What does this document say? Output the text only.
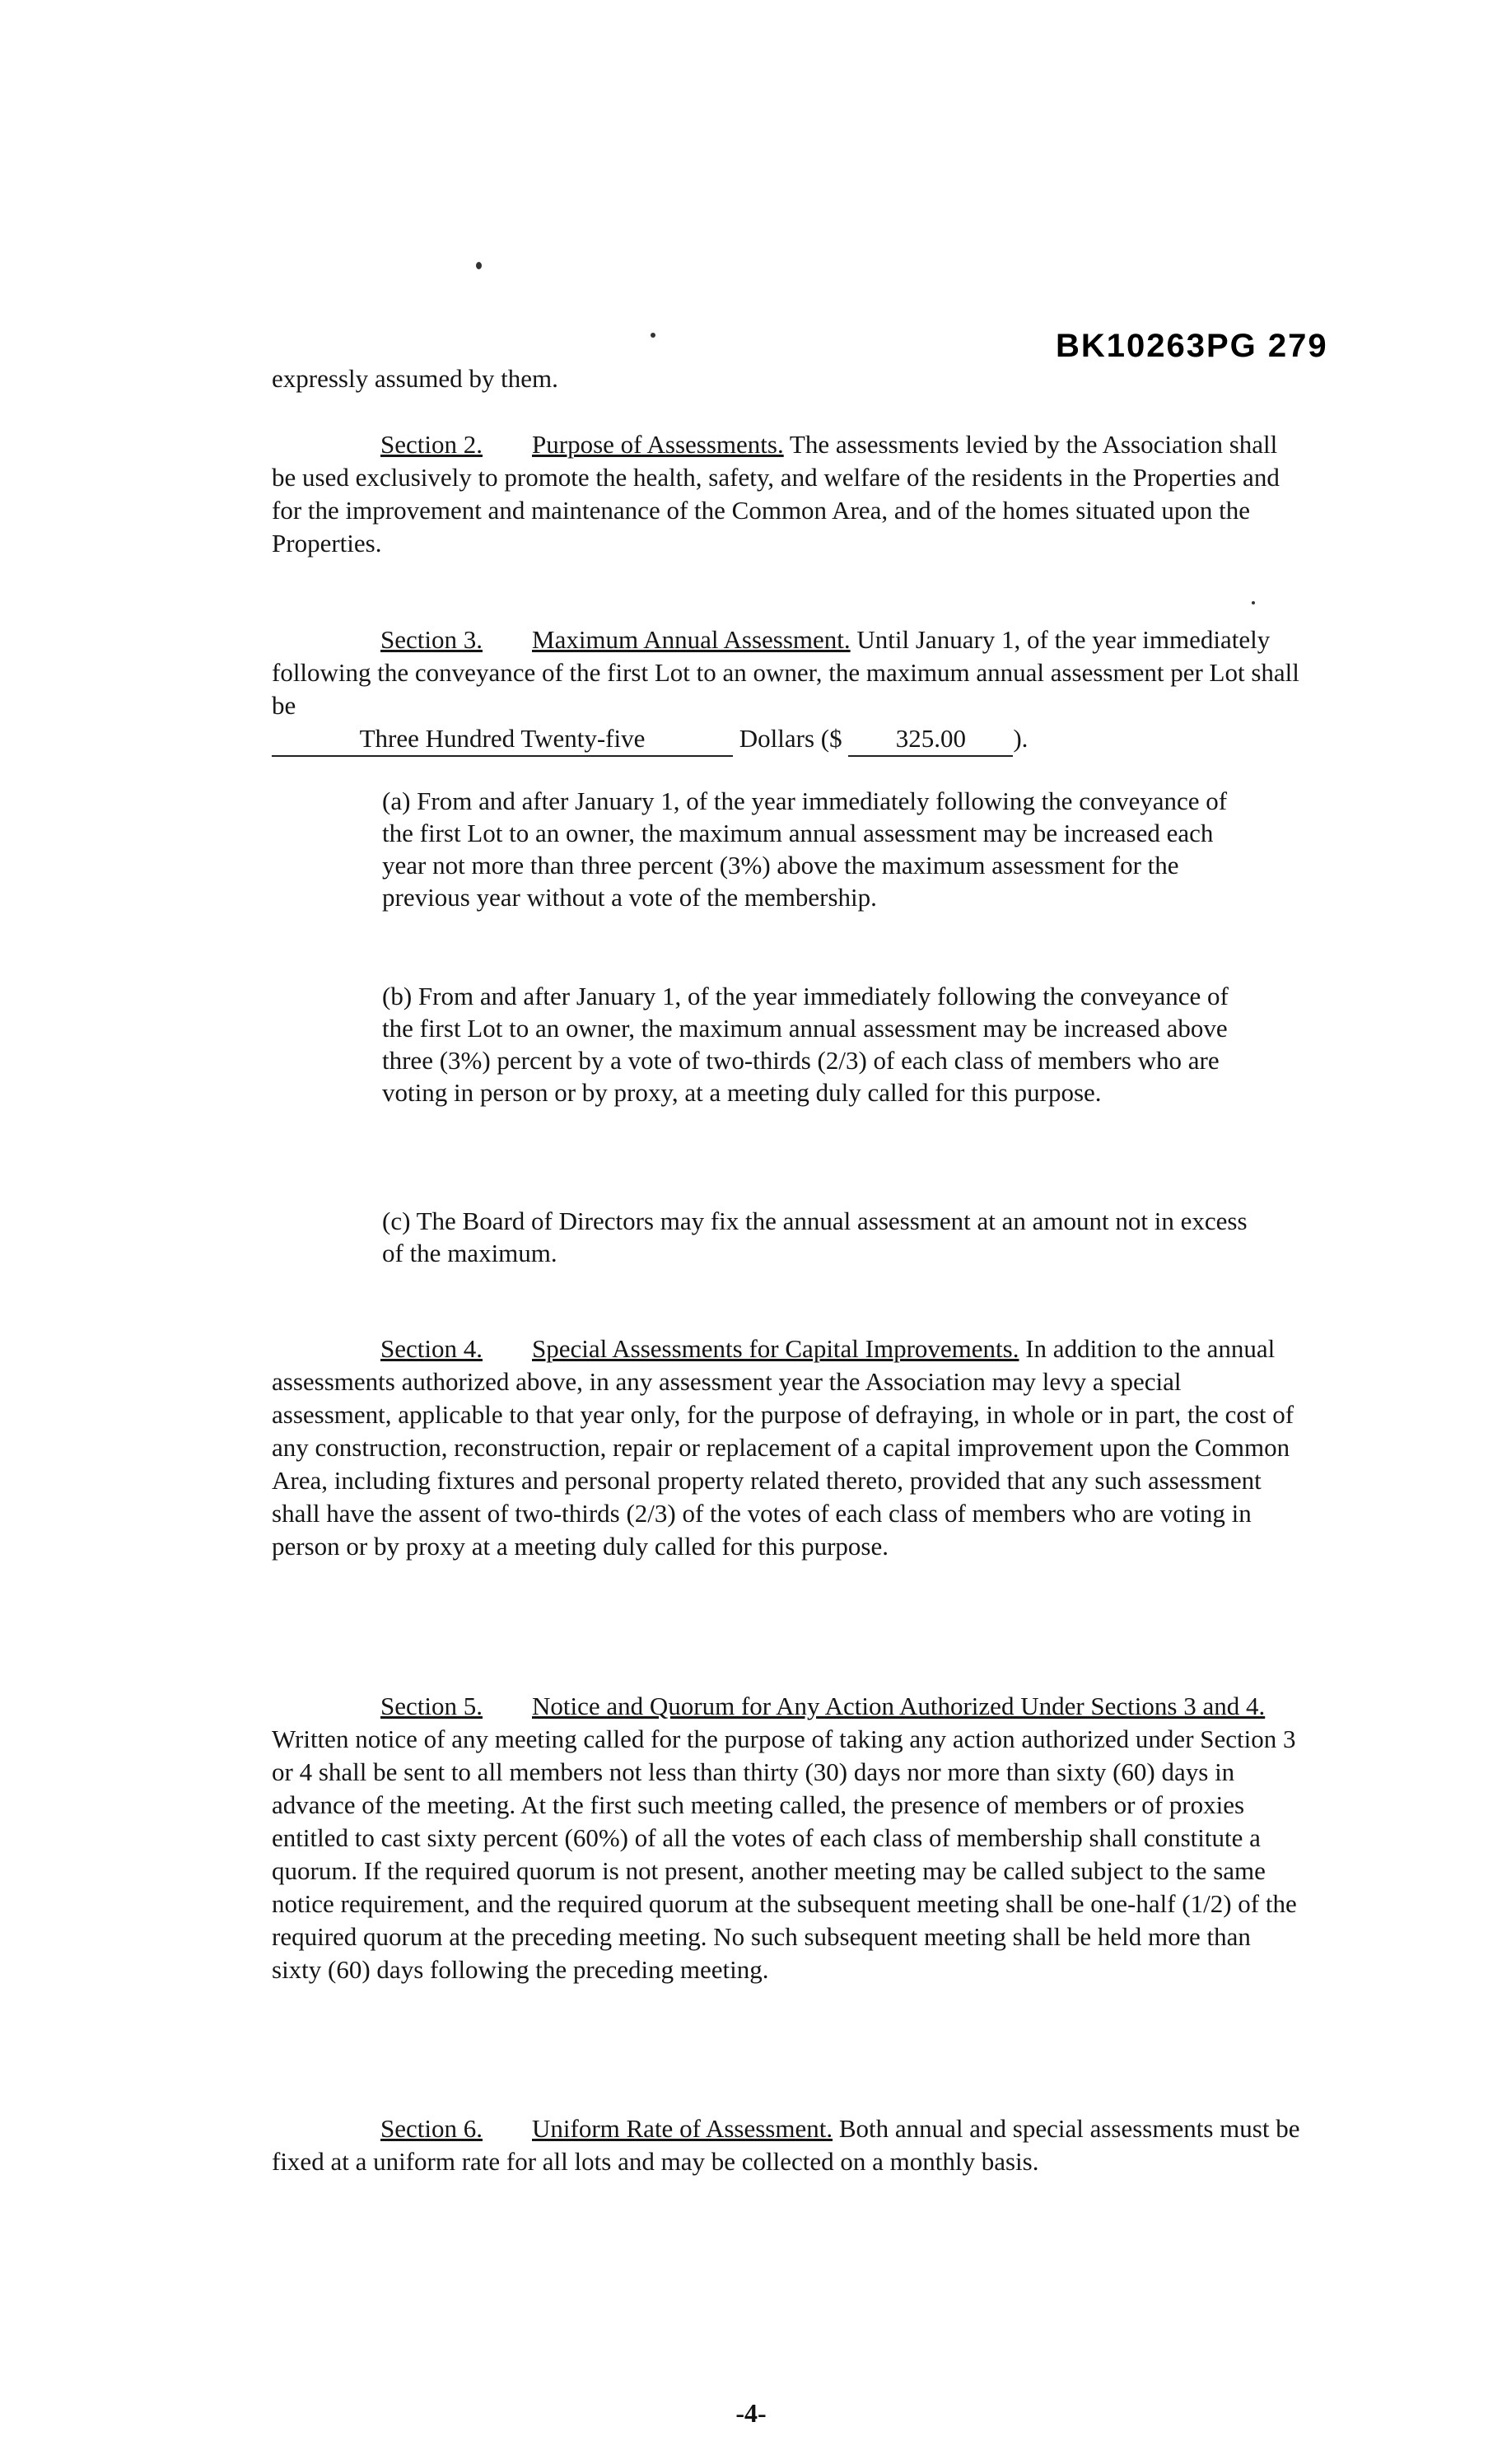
BK10263PG 279
expressly assumed by them.
Section 2. Purpose of Assessments. The assessments levied by the Association shall be used exclusively to promote the health, safety, and welfare of the residents in the Properties and for the improvement and maintenance of the Common Area, and of the homes situated upon the Properties.
Section 3. Maximum Annual Assessment. Until January 1, of the year immediately following the conveyance of the first Lot to an owner, the maximum annual assessment per Lot shall be
Three Hundred Twenty-five	Dollars ($ 325.00 ).
(a) From and after January 1, of the year immediately following the conveyance of the first Lot to an owner, the maximum annual assessment may be increased each year not more than three percent (3%) above the maximum assessment for the previous year without a vote of the membership.
(b) From and after January 1, of the year immediately following the conveyance of the first Lot to an owner, the maximum annual assessment may be increased above three (3%) percent by a vote of two-thirds (2/3) of each class of members who are voting in person or by proxy, at a meeting duly called for this purpose.
(c) The Board of Directors may fix the annual assessment at an amount not in excess of the maximum.
Section 4. Special Assessments for Capital Improvements. In addition to the annual assessments authorized above, in any assessment year the Association may levy a special assessment, applicable to that year only, for the purpose of defraying, in whole or in part, the cost of any construction, reconstruction, repair or replacement of a capital improvement upon the Common Area, including fixtures and personal property related thereto, provided that any such assessment shall have the assent of two-thirds (2/3) of the votes of each class of members who are voting in person or by proxy at a meeting duly called for this purpose.
Section 5. Notice and Quorum for Any Action Authorized Under Sections 3 and 4. Written notice of any meeting called for the purpose of taking any action authorized under Section 3 or 4 shall be sent to all members not less than thirty (30) days nor more than sixty (60) days in advance of the meeting. At the first such meeting called, the presence of members or of proxies entitled to cast sixty percent (60%) of all the votes of each class of membership shall constitute a quorum. If the required quorum is not present, another meeting may be called subject to the same notice requirement, and the required quorum at the subsequent meeting shall be one-half (1/2) of the required quorum at the preceding meeting. No such subsequent meeting shall be held more than sixty (60) days following the preceding meeting.
Section 6. Uniform Rate of Assessment. Both annual and special assessments must be fixed at a uniform rate for all lots and may be collected on a monthly basis.
-4-
